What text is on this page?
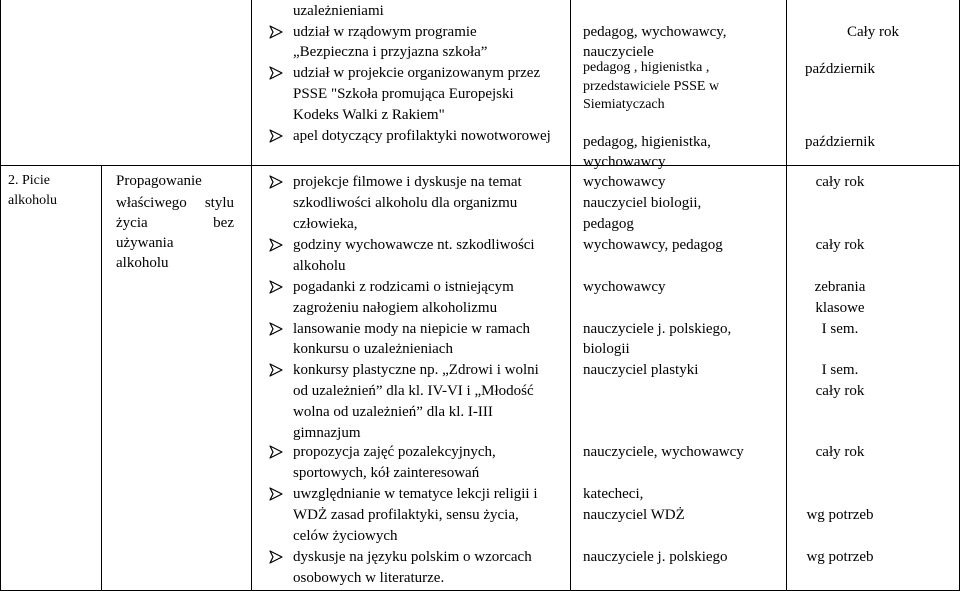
2. Picie alkoholu
Propagowanie
właściwego stylu
życia	bez
używania
alkoholu
uzależnieniami
udział w rządowym programie
„Bezpieczna i przyjazna szkoła”
udział w projekcie organizowanym przez
PSSE "Szkoła promująca Europejski
Kodeks Walki z Rakiem"
apel dotyczący profilaktyki nowotworowej
projekcje filmowe i dyskusje na temat
szkodliwości alkoholu dla organizmu
człowieka,
godziny wychowawcze nt. szkodliwości
alkoholu
pogadanki z rodzicami o istniejącym
zagrożeniu nałogiem alkoholizmu
lansowanie mody na niepicie w ramach
konkursu o uzależnieniach
konkursy plastyczne np. „Zdrowi i wolni
od uzależnień” dla kl. IV-VI i „Młodość
wolna od uzależnień” dla kl. I-III
gimnazjum
propozycja zajęć pozalekcyjnych,
sportowych, kół zainteresowań
uwzględnianie w tematyce lekcji religii i
WDŻ zasad profilaktyki, sensu życia,
celów życiowych
dyskusje na języku polskim o wzorcach
osobowych w literaturze.
pedagog, wychowawcy,
nauczyciele
pedagog , higienistka ,
przedstawiciele PSSE w
Siemiatyczach
pedagog, higienistka,
wychowawcy
wychowawcy
nauczyciel biologii,
pedagog
wychowawcy, pedagog
wychowawcy
nauczyciele j. polskiego,
biologii
nauczyciel plastyki
nauczyciele, wychowawcy
katecheci,
nauczyciel WDŻ
nauczyciele j. polskiego
Cały rok
październik
październik
cały rok
cały rok
zebrania
klasowe
I sem.
I sem.
cały rok
cały rok
wg potrzeb
wg potrzeb
